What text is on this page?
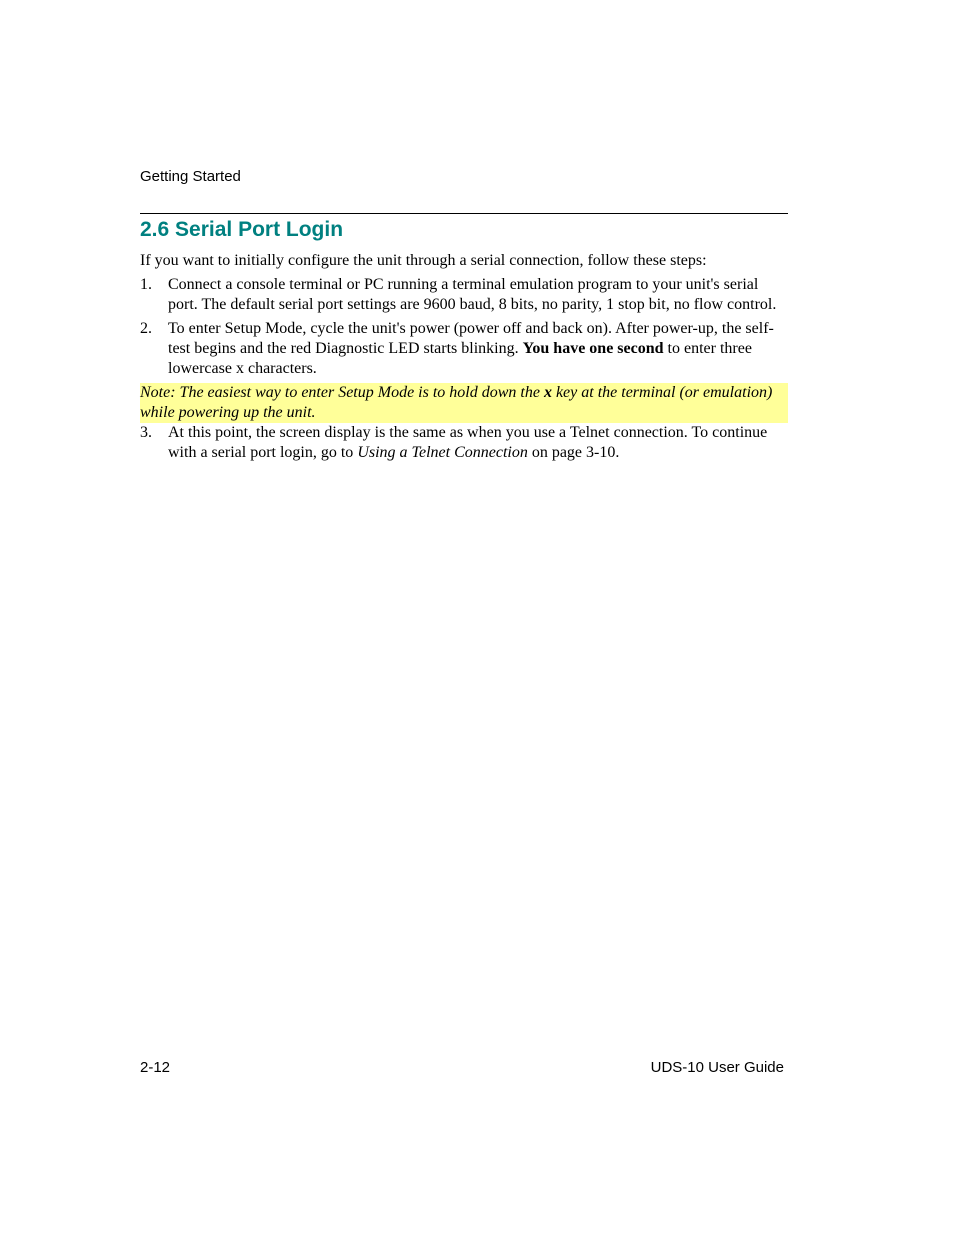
Getting Started
2.6 Serial Port Login

If you want to initially configure the unit through a serial connection, follow these steps:

1. Connect a console terminal or PC running a terminal emulation program to your unit's serial port. The default serial port settings are 9600 baud, 8 bits, no parity, 1 stop bit, no flow control.
2. To enter Setup Mode, cycle the unit's power (power off and back on). After power-up, the self-test begins and the red Diagnostic LED starts blinking. You have one second to enter three lowercase x characters.

Note: The easiest way to enter Setup Mode is to hold down the x key at the terminal (or emulation) while powering up the unit.

3. At this point, the screen display is the same as when you use a Telnet connection. To continue with a serial port login, go to Using a Telnet Connection on page 3-10.
2-12	UDS-10 User Guide
